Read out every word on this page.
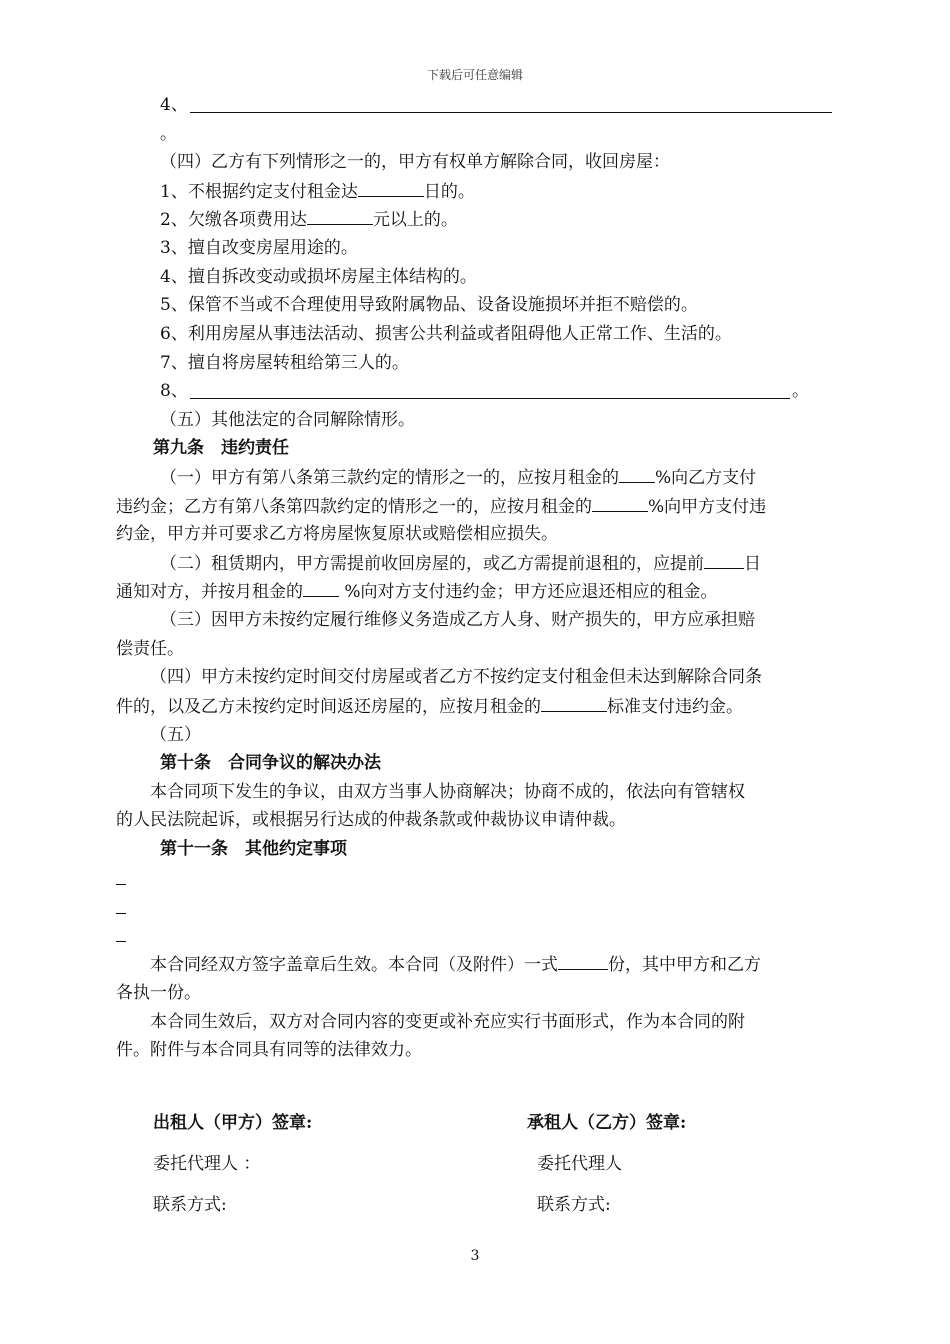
下载后可任意编辑
4、
。
（四）乙方有下列情形之一的，甲方有权单方解除合同，收回房屋：
1、不根据约定支付租金达	日的。
2、欠缴各项费用达	元以上的。
3、擅自改变房屋用途的。
4、擅自拆改变动或损坏房屋主体结构的。
5、保管不当或不合理使用导致附属物品、设备设施损坏并拒不赔偿的。
6、利用房屋从事违法活动、损害公共利益或者阻碍他人正常工作、生活的。
7、擅自将房屋转租给第三人的。
8、	。
（五）其他法定的合同解除情形。
第九条　违约责任
（一）甲方有第八条第三款约定的情形之一的，应按月租金的 %向乙方支付
违约金；乙方有第八条第四款约定的情形之一的，应按月租金的	%向甲方支付违
约金，甲方并可要求乙方将房屋恢复原状或赔偿相应损失。
（二）租赁期内，甲方需提前收回房屋的，或乙方需提前退租的，应提前 日
通知对方，并按月租金的 %向对方支付违约金；甲方还应退还相应的租金。
（三）因甲方未按约定履行维修义务造成乙方人身、财产损失的，甲方应承担赔
偿责任。
（四）甲方未按约定时间交付房屋或者乙方不按约定支付租金但未达到解除合同条
件的，以及乙方未按约定时间返还房屋的，应按月租金的	标准支付违约金。
（五）
第十条　合同争议的解决办法
本合同项下发生的争议，由双方当事人协商解决；协商不成的，依法向有管辖权
的人民法院起诉，或根据另行达成的仲裁条款或仲裁协议申请仲裁。
第十一条　其他约定事项
本合同经双方签字盖章后生效。本合同（及附件）一式	份，其中甲方和乙方
各执一份。
本合同生效后，双方对合同内容的变更或补充应实行书面形式，作为本合同的附
件。附件与本合同具有同等的法律效力。
出租人（甲方）签章:	承租人（乙方）签章:
委托代理人 ：	委托代理人
联系方式:	联系方式:
3
